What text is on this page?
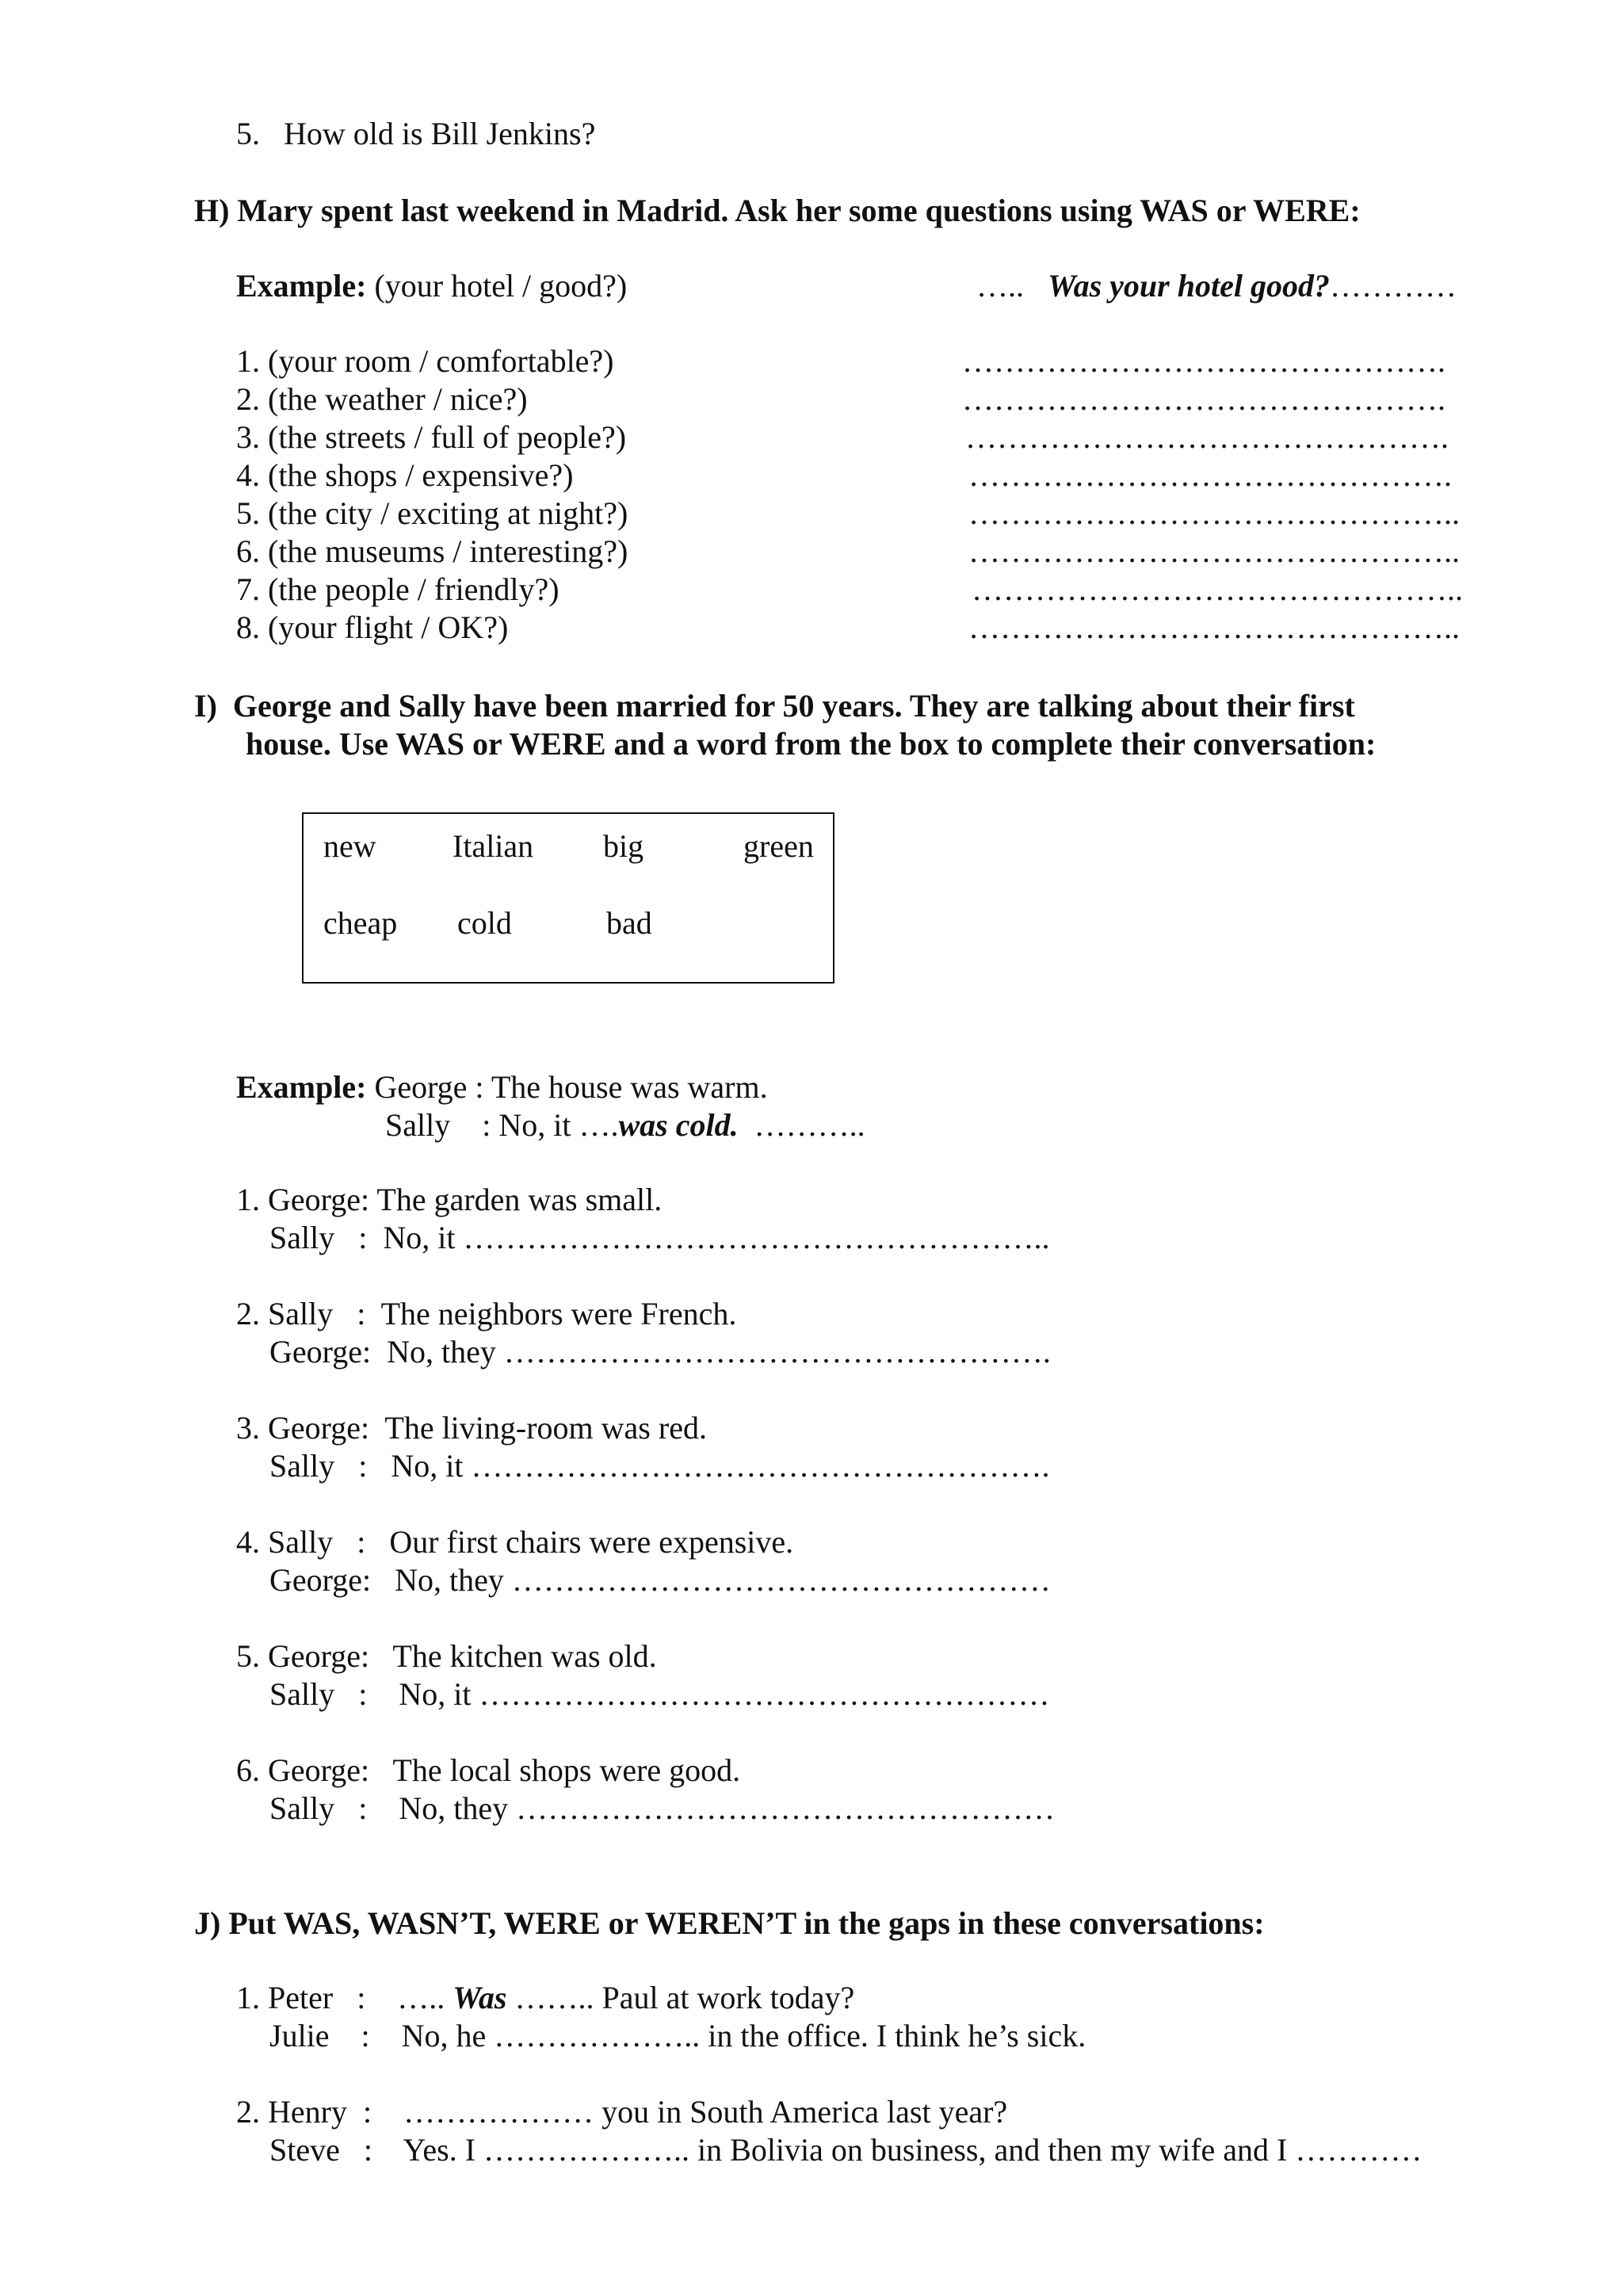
5. How old is Bill Jenkins?
H) Mary spent last weekend in Madrid. Ask her some questions using WAS or WERE:
Example: (your hotel / good?)	….. Was your hotel good?…………
1. (your room / comfortable?)	……………………………………….
2. (the weather / nice?)	……………………………………….
3. (the streets / full of people?)	……………………………………….
4. (the shops / expensive?)	……………………………………….
5. (the city / exciting at night?)	………………………………………..
6. (the museums / interesting?)	………………………………………..
7. (the people / friendly?)	………………………………………..
8. (your flight / OK?)	………………………………………..
I)  George and Sally have been married for 50 years. They are talking about their first
house. Use WAS or WERE and a word from the box to complete their conversation:
new Italian big	green
cheap cold	bad
Example: George : The house was warm.
Sally    : No, it ….was cold.  ………..
1. George: The garden was small.
Sally   :  No, it ………………………………………………..
2. Sally   :  The neighbors were French.
George:  No, they …………………………………………….
3. George:  The living-room was red.
Sally   :   No, it ……………………………………………….
4. Sally   :   Our first chairs were expensive.
George:   No, they ……………………………………………
5. George:   The kitchen was old.
Sally   :    No, it ………………………………………………
6. George:   The local shops were good.
Sally   :    No, they ……………………………………………
J) Put WAS, WASN’T, WERE or WEREN’T in the gaps in these conversations:
1. Peter   :    ….. Was …….. Paul at work today?
Julie    :    No, he ……………….. in the office. I think he’s sick.
2. Henry  :    ……………… you in South America last year?
Steve   :    Yes. I ……………….. in Bolivia on business, and then my wife and I …………
